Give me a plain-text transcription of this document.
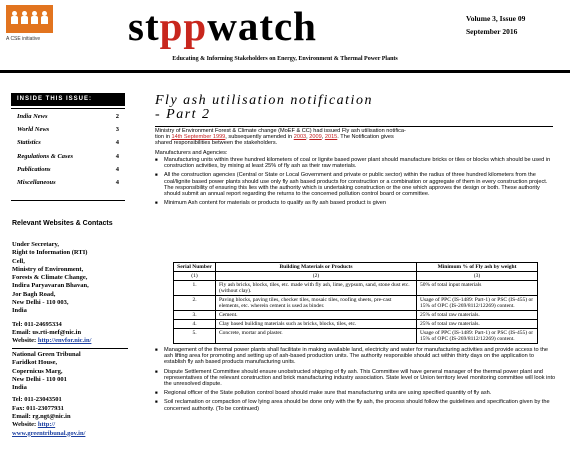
A CSE initiative stppwatch	Volume 3, Issue 09
September 2016
Educating & Informing Stakeholders on Energy, Environment & Thermal Power Plants
INSIDE THIS ISSUE:
India News	2
World News	3
Statistics	4
Regulations & Cases	4
Publications	4
Miscellaneous	4
Relevant Websites & Contacts
Under Secretary,
Right to Information (RTI)
Cell,
Ministry of Environment,
Forests & Climate Change,
Indira Paryavaran Bhavan,
Jor Bagh Road,
New Delhi - 110 003,
India
Tel: 011-24695334
Email: us.rti-mef@nic.in
Website: http://envfor.nic.in/
National Green Tribunal
Faridkot House,
Copernicus Marg,
New Delhi - 110 001
India
Tel: 011-23043501
Fax: 011-23077931
Email: rg.ngt@nic.in
Website: http://
www.greentribunal.gov.in/
Fly ash utilisation notification
- Part 2
Ministry of Environment Forest & Climate change (MoEF & CC) had issued Fly ash utilisation notifica-
tion in 14th September 1999, subsequently amended in 2003, 2009, 2015. The Notification gives
shared responsibilities between the stakeholders.
Manufacturers and Agencies:
■ Manufacturing units within three hundred kilometers of coal or lignite based power plant should manufacture bricks or tiles or blocks which should be used in construction activities, by mixing at least 25% of fly ash as their raw materials.
■ All the construction agencies (Central or State or Local Government and private or public sector) within the radius of three hundred kilometers from the coal/lignite based power plants should use only fly ash based products for construction or a combination or aggregate of them in every construction project. The responsibility of ensuring this lies with the authority which is undertaking construction or the one which approves the design or both. These authority should submit an annual report regarding the returns to the concerned pollution control board or committee.
■ Minimum Ash content for materials or products to qualify as fly ash based product is given
Serial Number	Building Materials or Products	Minimum % of Fly ash by weight
(1)	(2)	(3)
1.	Fly ash bricks, blocks, tiles, etc. made with fly ash, lime, gypsum, sand, stone dust etc. (without clay).	50% of total input materials
2.	Paving blocks, paving tiles, checker tiles, mosaic tiles, roofing sheets, pre-cast elements, etc. wherein cement is used as binder.	Usage of PPC (IS-1489: Part-1) or PSC (IS-455) or 15% of OPC (IS-269/8112/12269) content.
3.	Cement.	25% of total raw materials.
4.	Clay based building materials such as bricks, blocks, tiles, etc.	25% of total raw materials.
5.	Concrete, mortar and plaster.	Usage of PPC (IS-1489: Part-1) or PSC (IS-455) or 15% of OPC (IS-269/8112/12269) content.
■ Management of the thermal power plants shall facilitate in making available land, electricity and water for manufacturing activities and provide access to the ash lifting area for promoting and setting up of ash-based production units. The authority responsible should act within thirty days on the application to establish fly ash based products manufacturing units.
■ Dispute Settlement Committee should ensure unobstructed shipping of fly ash. This Committee will have general manager of the thermal power plant and representatives of the relevant construction and brick manufacturing industry association. State level or Union territory level monitoring committee will look into the unresolved dispute.
■ Regional officer of the State pollution control board should make sure that manufacturing units are using specified quantity of fly ash.
■ Soil reclamation or compaction of low lying area should be done only with the fly ash, the process should follow the guidelines and specification given by the concerned authority. (To be continued)
